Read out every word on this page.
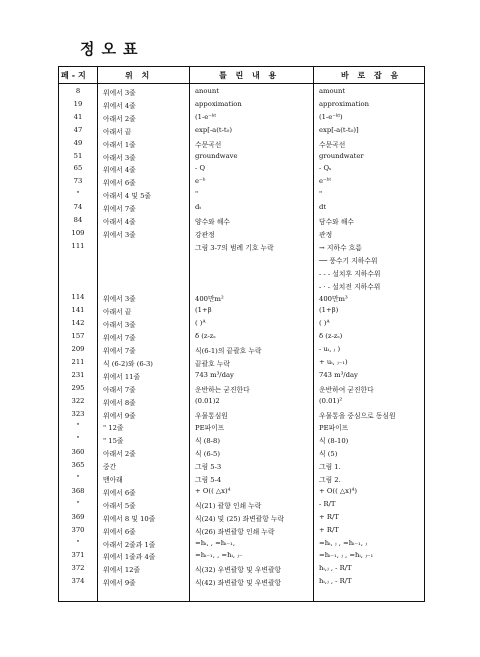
정오표
페-지	위 치	틀 린 내 용	바 로 잡 음
8	위에서 3줄	anount	amount
19	위에서 4줄	appoximation	approximation
41	아래서 2줄	(1-e⁻ᵏᵗ	(1-e⁻ᵏᵗ)
47	아래서 끝	exp[-a(t-t₀)	exp[-a(t-t₀)]
49	아래서 1줄	수문곡선	수문곡선
51	아래서 3줄	groundwave	groundwater
65	위에서 4줄	- Q	- Qₛ
73	위에서 6줄	e⁻ᵇ	e⁻ᵇᵗ
"	아래서 4 및 5줄	"	"
74	위에서 7줄	dₜ	dt
84	아래서 4줄	양수와 해수	담수와 해수
109	위에서 3줄	강관정	관정
111	그림 3-7의 범례 기호 누락	→ 지하수 흐름
── 풍수기 지하수위
- - - 설치후 지하수위
- · - 설치전 지하수위
114	위에서 3줄	400만m²	400만m³
141	아래서 끝	(1+β	(1+β)
142	아래서 3줄	( )ᴬ	( )ᴬ
157	위에서 7줄	δ (z-zₛ	δ (z-zₛ)
209	위에서 7줄	식(6-1)의 끝괄호 누락	- uᵢ, ⱼ )
211	식 (6-2)와 (6-3)	끝괄호 누락	+ uᵢ, ⱼ₋₁)
231	위에서 11줄	743 m³/day	743 m³/day
295	아래서 7줄	운반하는 굳진한다	운반하여 굳진한다
322	위에서 8줄	(0.01)2	(0.01)²
323	위에서 9줄	우물통심원	우물통을 중심으로 동심원
"	" 12줄	PE파이프	PE파이프
"	" 15줄	식 (8-8)	식 (8-10)
360	아래서 2줄	식 (6-5)	식 (5)
365	중간	그림 5-3	그림 1.
"	맨아래	그림 5-4	그림 2.
368	위에서 6줄	+ O(( △x)⁴	+ O(( △x)⁴)
"	아래서 5줄	식(21) 괄향 인쇄 누락	- R/T
369	위에서 8 및 10줄	식(24) 및 (25) 좌변괄항 누락	+ R/T
370	위에서 6줄	식(26) 좌변괄항 인쇄 누락	+ R/T
"	아래서 2줄과 1줄	=hᵢ, , =hᵢ₋₁,	=hᵢ, ⱼ , =hᵢ₋₁, ⱼ
371	위에서 1줄과 4줄	=hᵢ₋₁, , =hᵢ, ⱼ₋	=hᵢ₋₁, ⱼ , =hᵢ, ⱼ₋₁
372	위에서 12줄	식(32) 우변괄항 및 우변괄항	hᵢ,ⱼ , - R/T
374	위에서 9줄	식(42) 좌변괄항 및 우변괄항	hᵢ,ⱼ , - R/T
